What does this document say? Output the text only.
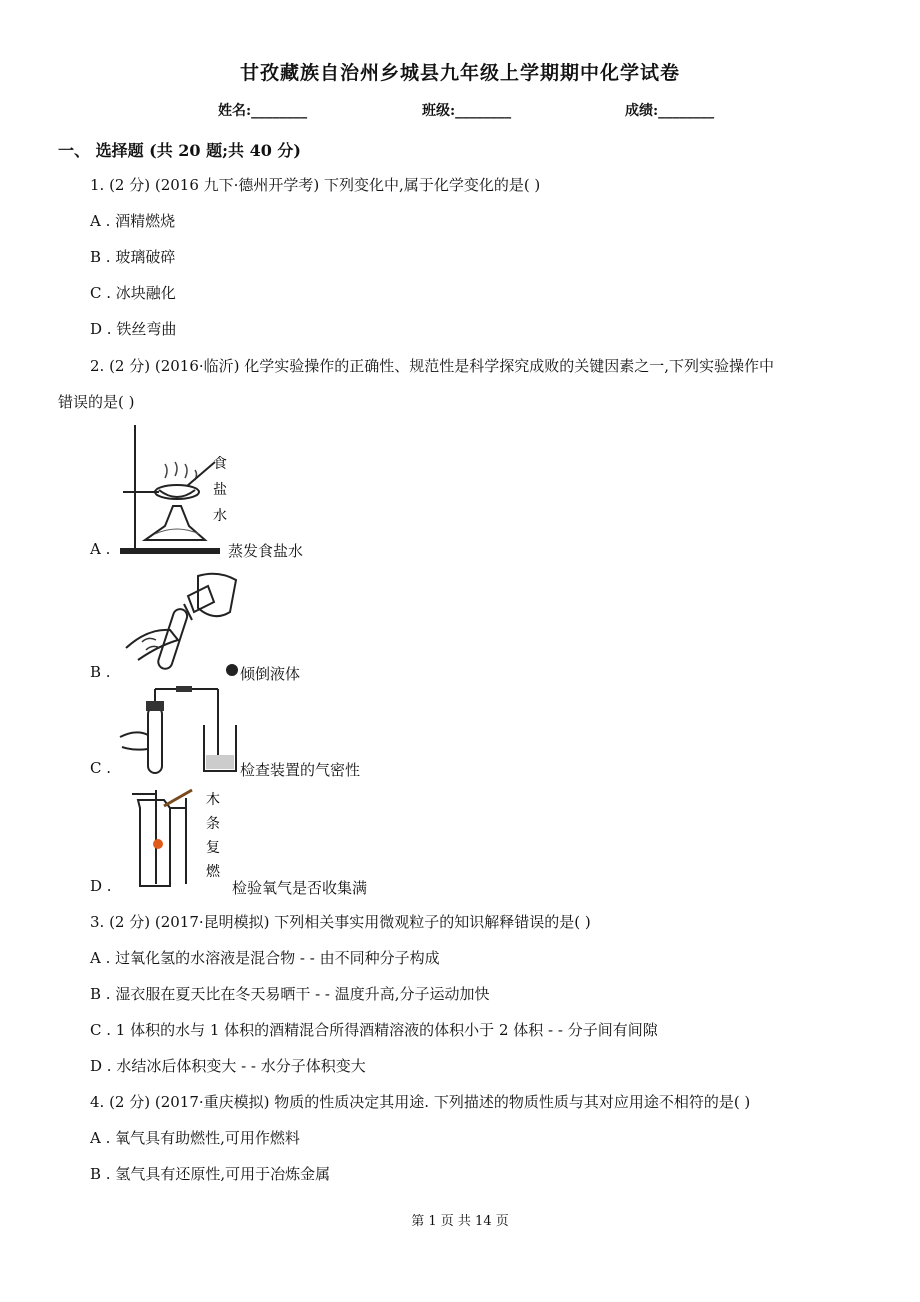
甘孜藏族自治州乡城县九年级上学期期中化学试卷
姓名:________	班级:________	成绩:________
一、 选择题 (共 20 题;共 40 分)
1. (2 分) (2016 九下·德州开学考) 下列变化中,属于化学变化的是( )
A . 酒精燃烧
B . 玻璃破碎
C . 冰块融化
D . 铁丝弯曲
2. (2 分) (2016·临沂) 化学实验操作的正确性、规范性是科学探究成败的关键因素之一,下列实验操作中
错误的是( )
A .
食
盐
水
蒸发食盐水
B .	倾倒液体
C .	检查装置的气密性
D .
木
条
复
燃
检验氧气是否收集满
3. (2 分) (2017·昆明模拟) 下列相关事实用微观粒子的知识解释错误的是( )
A . 过氧化氢的水溶液是混合物 - - 由不同种分子构成
B . 湿衣服在夏天比在冬天易晒干 - - 温度升高,分子运动加快
C . 1 体积的水与 1 体积的酒精混合所得酒精溶液的体积小于 2 体积 - - 分子间有间隙
D . 水结冰后体积变大 - - 水分子体积变大
4. (2 分) (2017·重庆模拟) 物质的性质决定其用途. 下列描述的物质性质与其对应用途不相符的是( )
A . 氧气具有助燃性,可用作燃料
B . 氢气具有还原性,可用于冶炼金属
第 1 页 共 14 页
